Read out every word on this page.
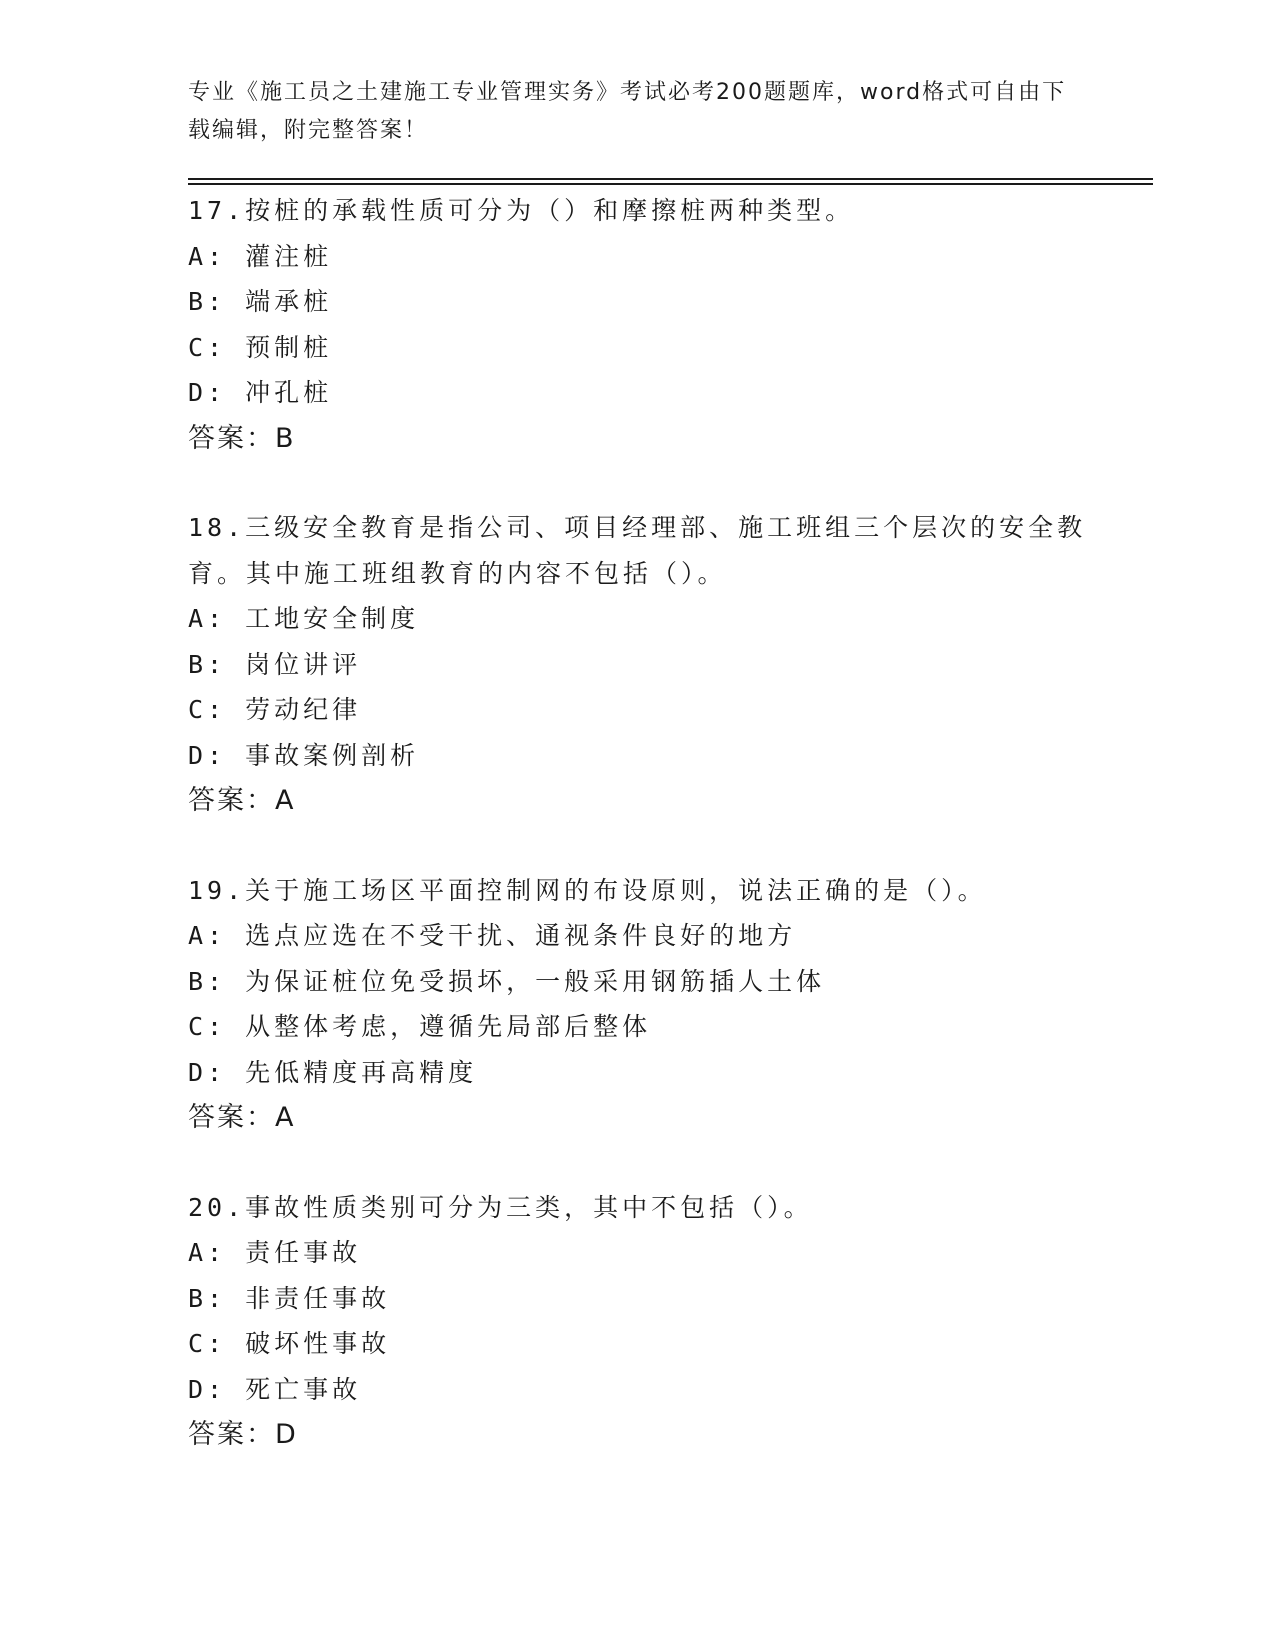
专业《施工员之土建施工专业管理实务》考试必考200题题库，word格式可自由下载编辑，附完整答案！
17.按桩的承载性质可分为（）和摩擦桩两种类型。
A: 灌注桩
B: 端承桩
C: 预制桩
D: 冲孔桩
答案：B
18.三级安全教育是指公司、项目经理部、施工班组三个层次的安全教育。其中施工班组教育的内容不包括（）。
A: 工地安全制度
B: 岗位讲评
C: 劳动纪律
D: 事故案例剖析
答案：A
19.关于施工场区平面控制网的布设原则，说法正确的是（）。
A: 选点应选在不受干扰、通视条件良好的地方
B: 为保证桩位免受损坏，一般采用钢筋插人土体
C: 从整体考虑，遵循先局部后整体
D: 先低精度再高精度
答案：A
20.事故性质类别可分为三类，其中不包括（）。
A: 责任事故
B: 非责任事故
C: 破坏性事故
D: 死亡事故
答案：D
